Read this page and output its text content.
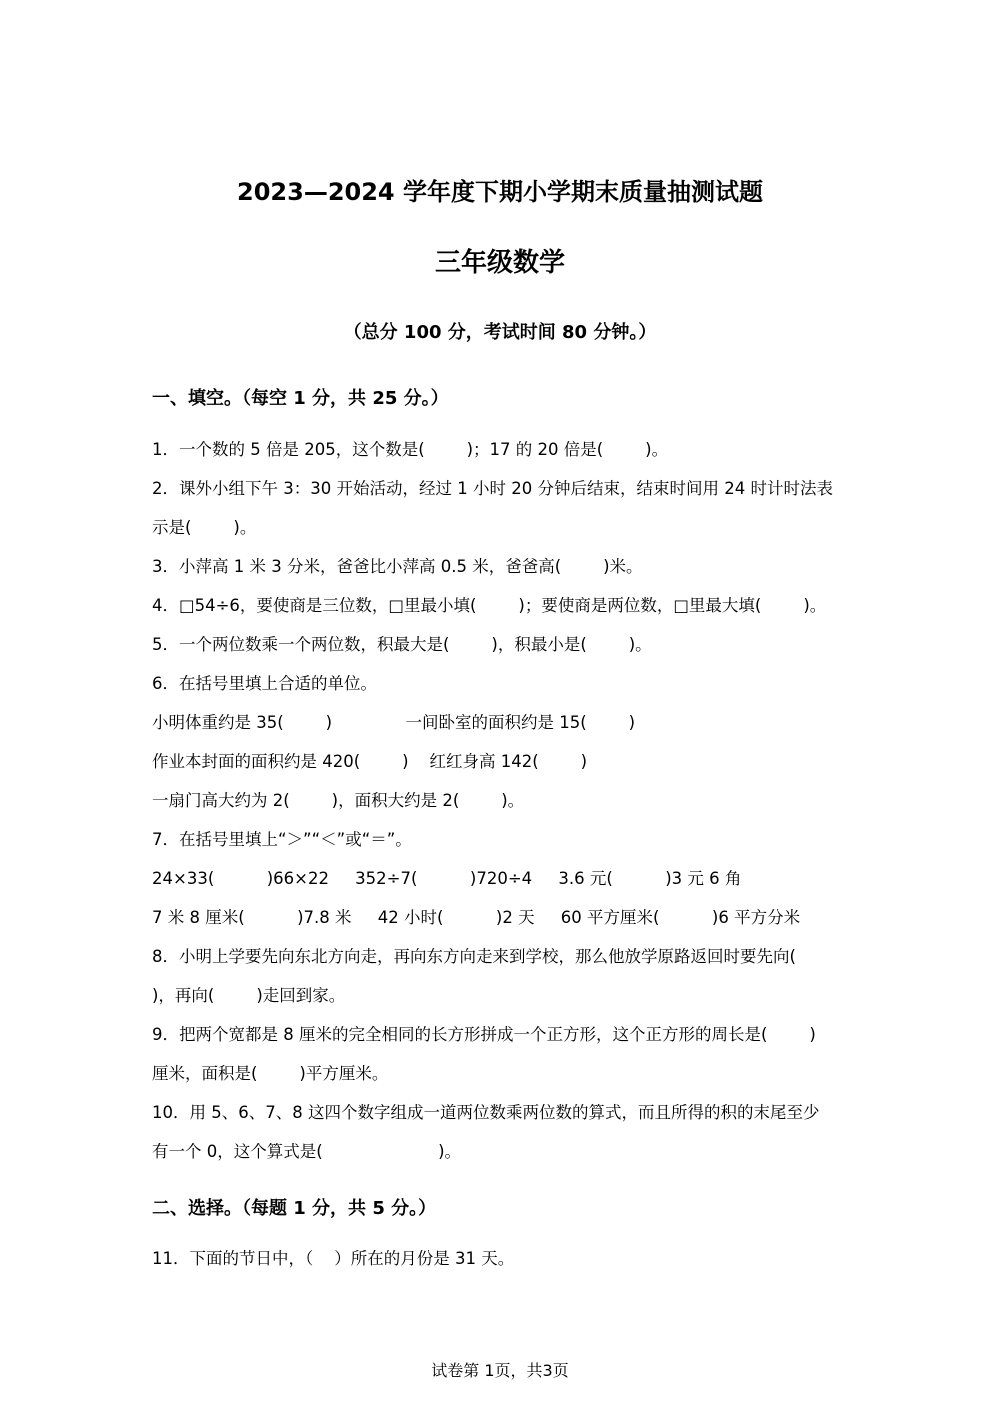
2023—2024 学年度下期小学期末质量抽测试题
三年级数学
（总分 100 分，考试时间 80 分钟。）
一、填空。（每空 1 分，共 25 分。）
1．一个数的 5 倍是 205，这个数是(        )；17 的 20 倍是(        )。
2．课外小组下午 3：30 开始活动，经过 1 小时 20 分钟后结束，结束时间用 24 时计时法表
示是(        )。
3．小萍高 1 米 3 分米，爸爸比小萍高 0.5 米，爸爸高(        )米。
4．□54÷6，要使商是三位数，□里最小填(        )；要使商是两位数，□里最大填(        )。
5．一个两位数乘一个两位数，积最大是(        )，积最小是(        )。
6．在括号里填上合适的单位。
小明体重约是 35(        )              一间卧室的面积约是 15(        )
作业本封面的面积约是 420(        )    红红身高 142(        )
一扇门高大约为 2(        )，面积大约是 2(        )。
7．在括号里填上“＞”“＜”或“＝”。
24×33(          )66×22     352÷7(          )720÷4     3.6 元(          )3 元 6 角
7 米 8 厘米(          )7.8 米     42 小时(          )2 天     60 平方厘米(          )6 平方分米
8．小明上学要先向东北方向走，再向东方向走来到学校，那么他放学原路返回时要先向(
)，再向(        )走回到家。
9．把两个宽都是 8 厘米的完全相同的长方形拼成一个正方形，这个正方形的周长是(        )
厘米，面积是(        )平方厘米。
10．用 5、6、7、8 这四个数字组成一道两位数乘两位数的算式，而且所得的积的末尾至少
有一个 0，这个算式是(                      )。
二、选择。（每题 1 分，共 5 分。）
11．下面的节日中，（    ）所在的月份是 31 天。
试卷第 1页，共3页
